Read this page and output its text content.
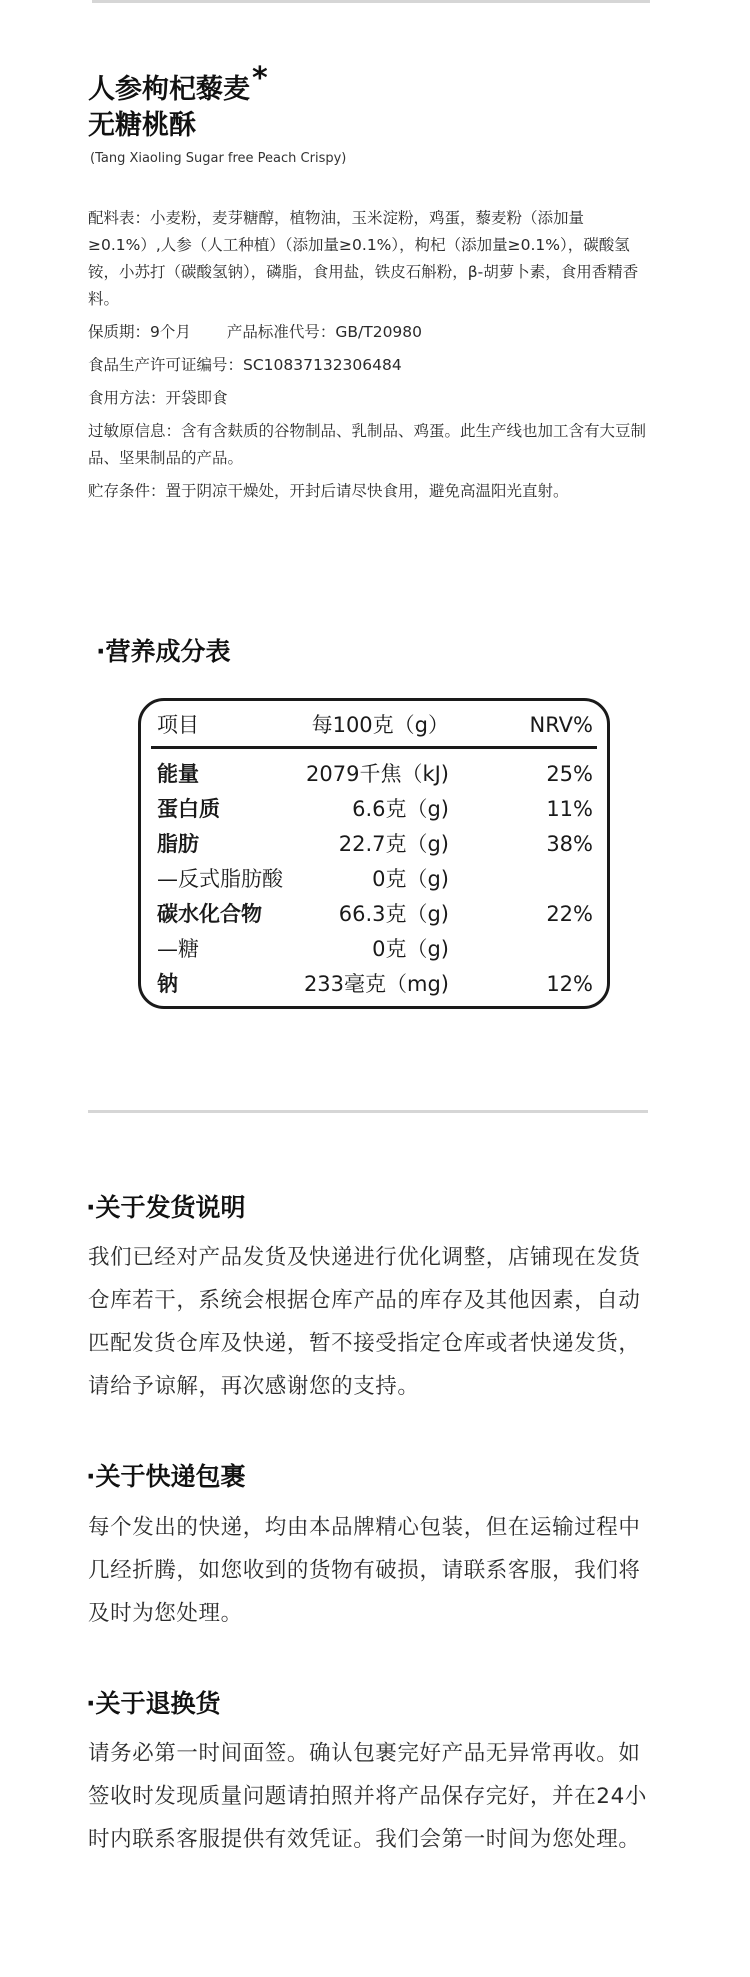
人参枸杞藜麦*
无糖桃酥
(Tang Xiaoling Sugar free Peach Crispy)

配料表：小麦粉，麦芽糖醇，植物油，玉米淀粉，鸡蛋，藜麦粉（添加量≥0.1%）,人参（人工种植）（添加量≥0.1%），枸杞（添加量≥0.1%），碳酸氢铵，小苏打（碳酸氢钠），磷脂，食用盐，铁皮石斛粉，β-胡萝卜素，食用香精香料。

保质期：9个月 产品标准代号：GB/T20980

食品生产许可证编号：SC10837132306484

食用方法：开袋即食

过敏原信息：含有含麸质的谷物制品、乳制品、鸡蛋。此生产线也加工含有大豆制品、坚果制品的产品。

贮存条件：置于阴凉干燥处，开封后请尽快食用，避免高温阳光直射。

·营养成分表
项目	每100克（g）	NRV%
能量	2079千焦（kJ)	25%
蛋白质	6.6克（g)	11%
脂肪	22.7克（g)	38%
—反式脂肪酸	0克（g)
碳水化合物	66.3克（g)	22%
—糖	0克（g)
钠	233毫克（mg)	12%
·关于发货说明
我们已经对产品发货及快递进行优化调整，店铺现在发货仓库若干，系统会根据仓库产品的库存及其他因素，自动匹配发货仓库及快递，暂不接受指定仓库或者快递发货，请给予谅解，再次感谢您的支持。
·关于快递包裹
每个发出的快递，均由本品牌精心包装，但在运输过程中几经折腾，如您收到的货物有破损，请联系客服，我们将及时为您处理。
·关于退换货
请务必第一时间面签。确认包裹完好产品无异常再收。如签收时发现质量问题请拍照并将产品保存完好，并在24小时内联系客服提供有效凭证。我们会第一时间为您处理。
